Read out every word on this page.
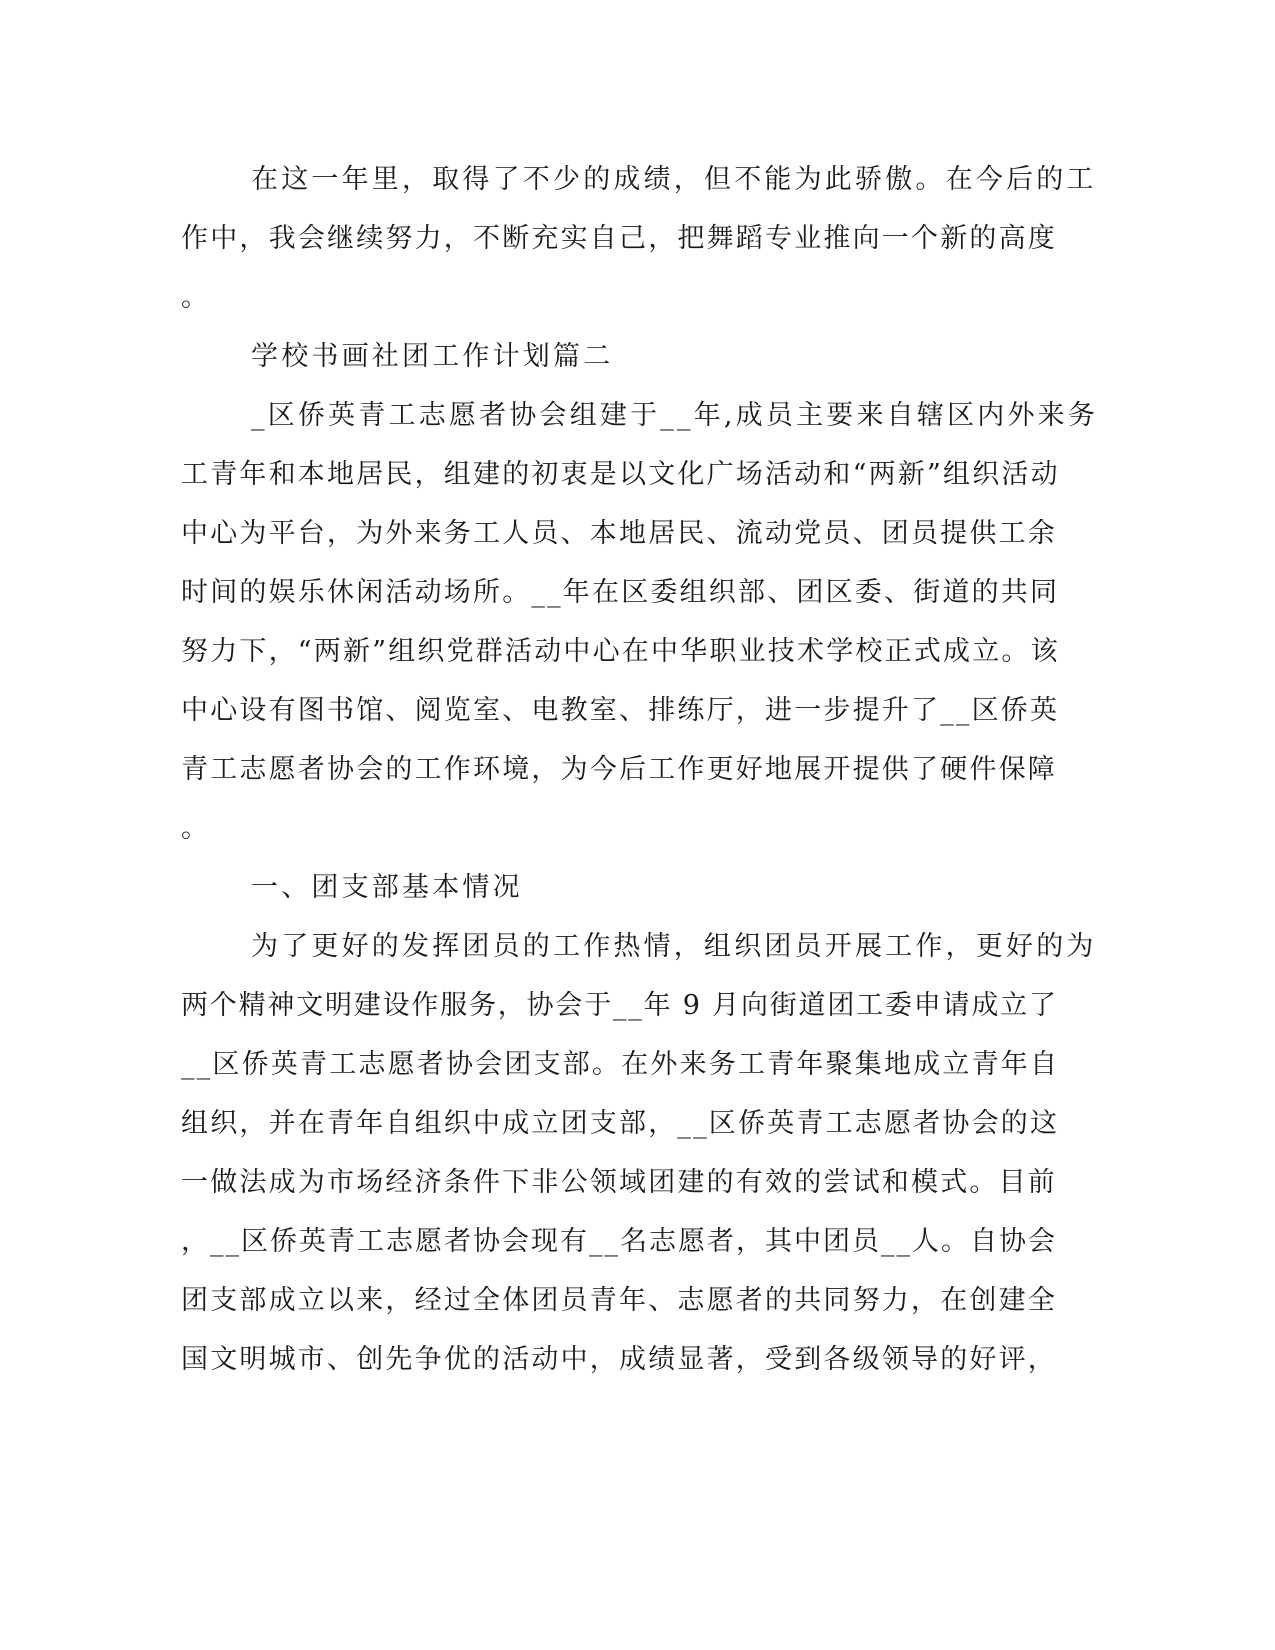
在这一年里，取得了不少的成绩，但不能为此骄傲。在今后的工
作中，我会继续努力，不断充实自己，把舞蹈专业推向一个新的高度
。
学校书画社团工作计划篇二
_区侨英青工志愿者协会组建于__年,成员主要来自辖区内外来务
工青年和本地居民，组建的初衷是以文化广场活动和“两新”组织活动
中心为平台，为外来务工人员、本地居民、流动党员、团员提供工余
时间的娱乐休闲活动场所。__年在区委组织部、团区委、街道的共同
努力下，“两新”组织党群活动中心在中华职业技术学校正式成立。该
中心设有图书馆、阅览室、电教室、排练厅，进一步提升了__区侨英
青工志愿者协会的工作环境，为今后工作更好地展开提供了硬件保障
。
一、团支部基本情况
为了更好的发挥团员的工作热情，组织团员开展工作，更好的为
两个精神文明建设作服务，协会于__年 9 月向街道团工委申请成立了
__区侨英青工志愿者协会团支部。在外来务工青年聚集地成立青年自
组织，并在青年自组织中成立团支部，__区侨英青工志愿者协会的这
一做法成为市场经济条件下非公领域团建的有效的尝试和模式。目前
，__区侨英青工志愿者协会现有__名志愿者，其中团员__人。自协会
团支部成立以来，经过全体团员青年、志愿者的共同努力，在创建全
国文明城市、创先争优的活动中，成绩显著，受到各级领导的好评，
